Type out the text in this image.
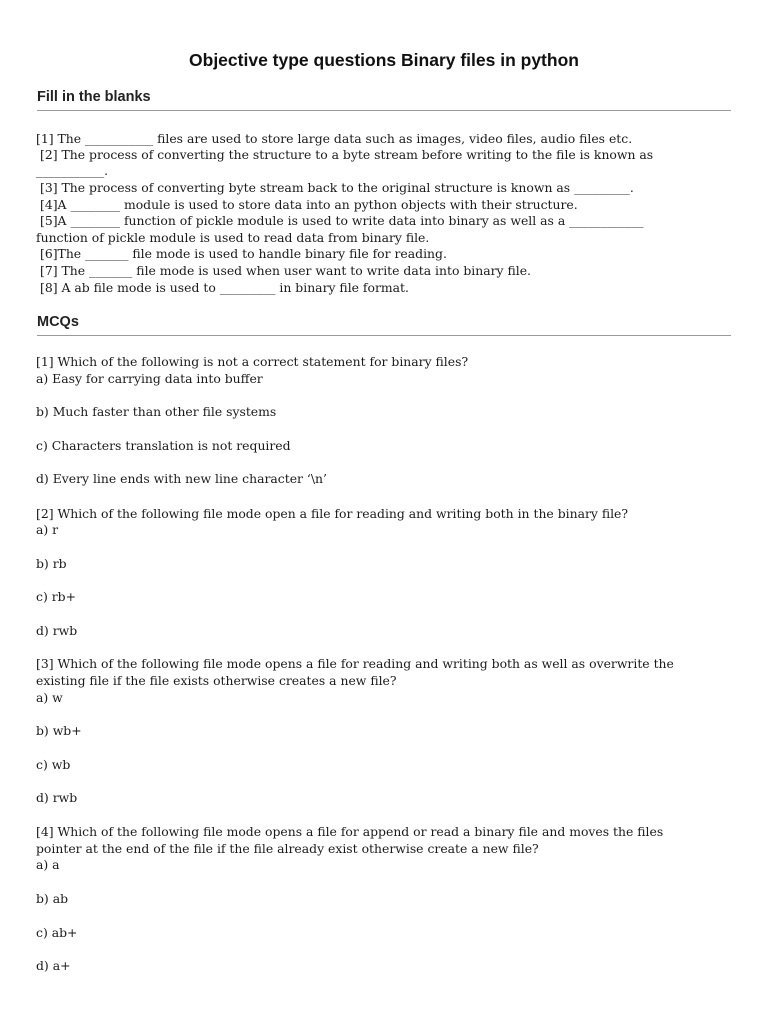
Objective type questions Binary files in python
Fill in the blanks
[1] The ___________ files are used to store large data such as images, video files, audio files etc.
[2] The process of converting the structure to a byte stream before writing to the file is known as
___________.
[3] The process of converting byte stream back to the original structure is known as _________.
[4]A ________ module is used to store data into an python objects with their structure.
[5]A ________ function of pickle module is used to write data into binary as well as a ____________
function of pickle module is used to read data from binary file.
[6]The _______ file mode is used to handle binary file for reading.
[7] The _______ file mode is used when user want to write data into binary file.
[8] A ab file mode is used to _________ in binary file format.
MCQs
[1] Which of the following is not a correct statement for binary files?
a) Easy for carrying data into buffer
b) Much faster than other file systems
c) Characters translation is not required
d) Every line ends with new line character ‘\n’
[2] Which of the following file mode open a file for reading and writing both in the binary file?
a) r
b) rb
c) rb+
d) rwb
[3] Which of the following file mode opens a file for reading and writing both as well as overwrite the
existing file if the file exists otherwise creates a new file?
a) w
b) wb+
c) wb
d) rwb
[4] Which of the following file mode opens a file for append or read a binary file and moves the files
pointer at the end of the file if the file already exist otherwise create a new file?
a) a
b) ab
c) ab+
d) a+
